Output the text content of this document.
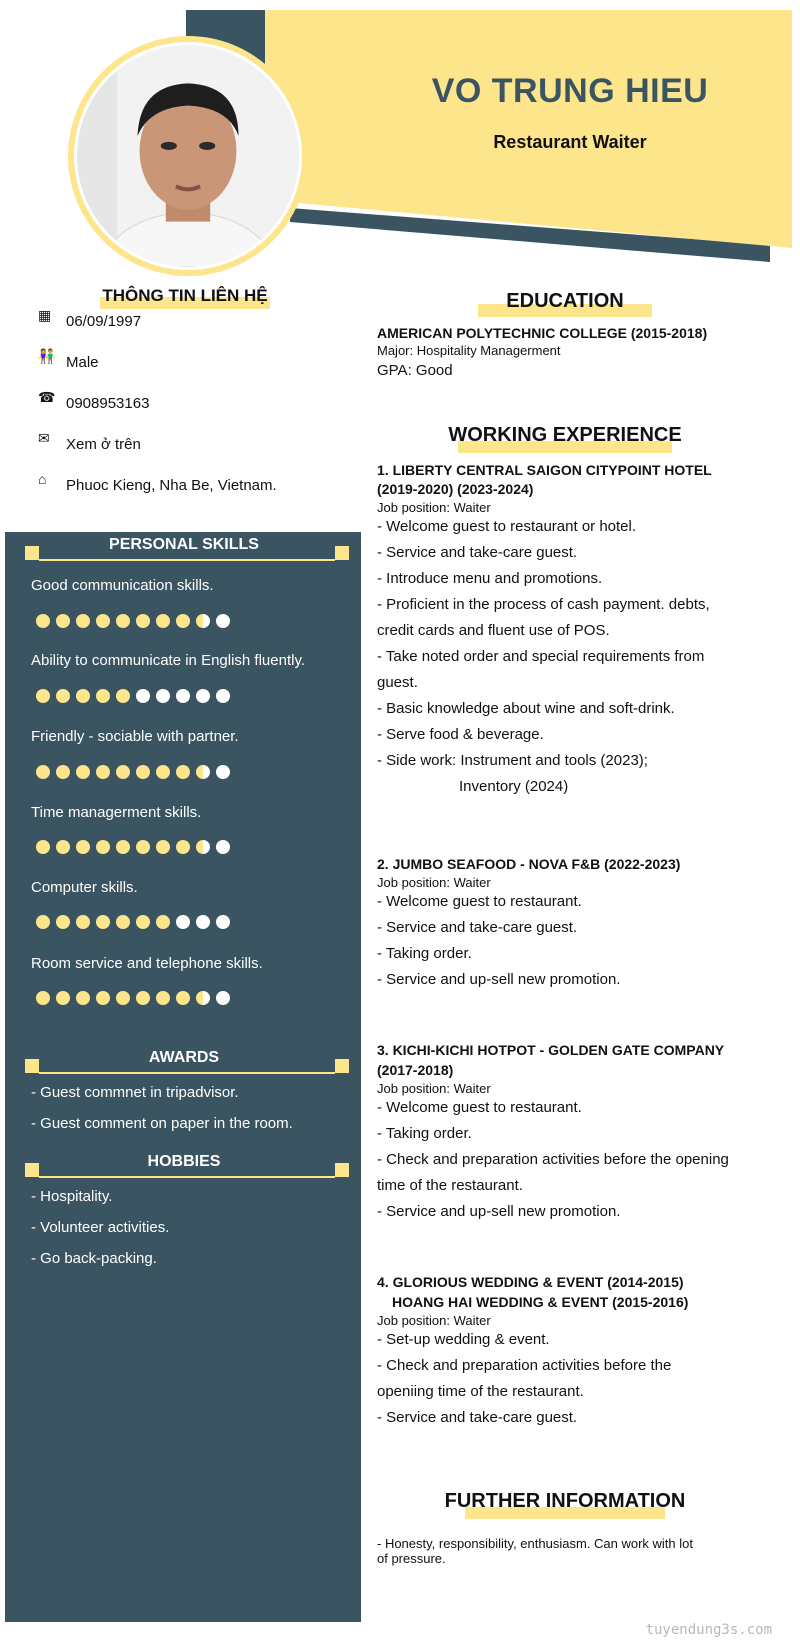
VO TRUNG HIEU
Restaurant Waiter
THÔNG TIN LIÊN HỆ
▦ 06/09/1997
👫 Male
☎ 0908953163
✉	Xem ở trên
⌂	Phuoc Kieng, Nha Be, Vietnam.
PERSONAL SKILLS
Good communication skills.
Ability to communicate in English fluently.
Friendly - sociable with partner.
Time managerment skills.
Computer skills.
Room service and telephone skills.
AWARDS
- Guest commnet in tripadvisor.
- Guest comment on paper in the room.
HOBBIES
- Hospitality.
- Volunteer activities.
- Go back-packing.
EDUCATION
AMERICAN POLYTECHNIC COLLEGE (2015-2018)
Major: Hospitality Managerment
GPA: Good
WORKING EXPERIENCE
1. LIBERTY CENTRAL SAIGON CITYPOINT HOTEL
(2019-2020) (2023-2024)
Job position: Waiter
- Welcome guest to restaurant or hotel.
- Service and take-care guest.
- Introduce menu and promotions.
- Proficient in the process of cash payment. debts,
credit cards and fluent use of POS.
- Take noted order and special requirements from
guest.
- Basic knowledge about wine and soft-drink.
- Serve food & beverage.
- Side work: Instrument and tools (2023);
Inventory (2024)
2. JUMBO SEAFOOD - NOVA F&B (2022-2023)
Job position: Waiter
- Welcome guest to restaurant.
- Service and take-care guest.
- Taking order.
- Service and up-sell new promotion.
3. KICHI-KICHI HOTPOT - GOLDEN GATE COMPANY
(2017-2018)
Job position: Waiter
- Welcome guest to restaurant.
- Taking order.
- Check and preparation activities before the opening
time of the restaurant.
- Service and up-sell new promotion.
4. GLORIOUS WEDDING & EVENT (2014-2015)
HOANG HAI WEDDING & EVENT (2015-2016)
Job position: Waiter
- Set-up wedding & event.
- Check and preparation activities before the
openiing time of the restaurant.
- Service and take-care guest.
FURTHER INFORMATION
- Honesty, responsibility, enthusiasm. Can work with lot
of pressure.
tuyendung3s.com
